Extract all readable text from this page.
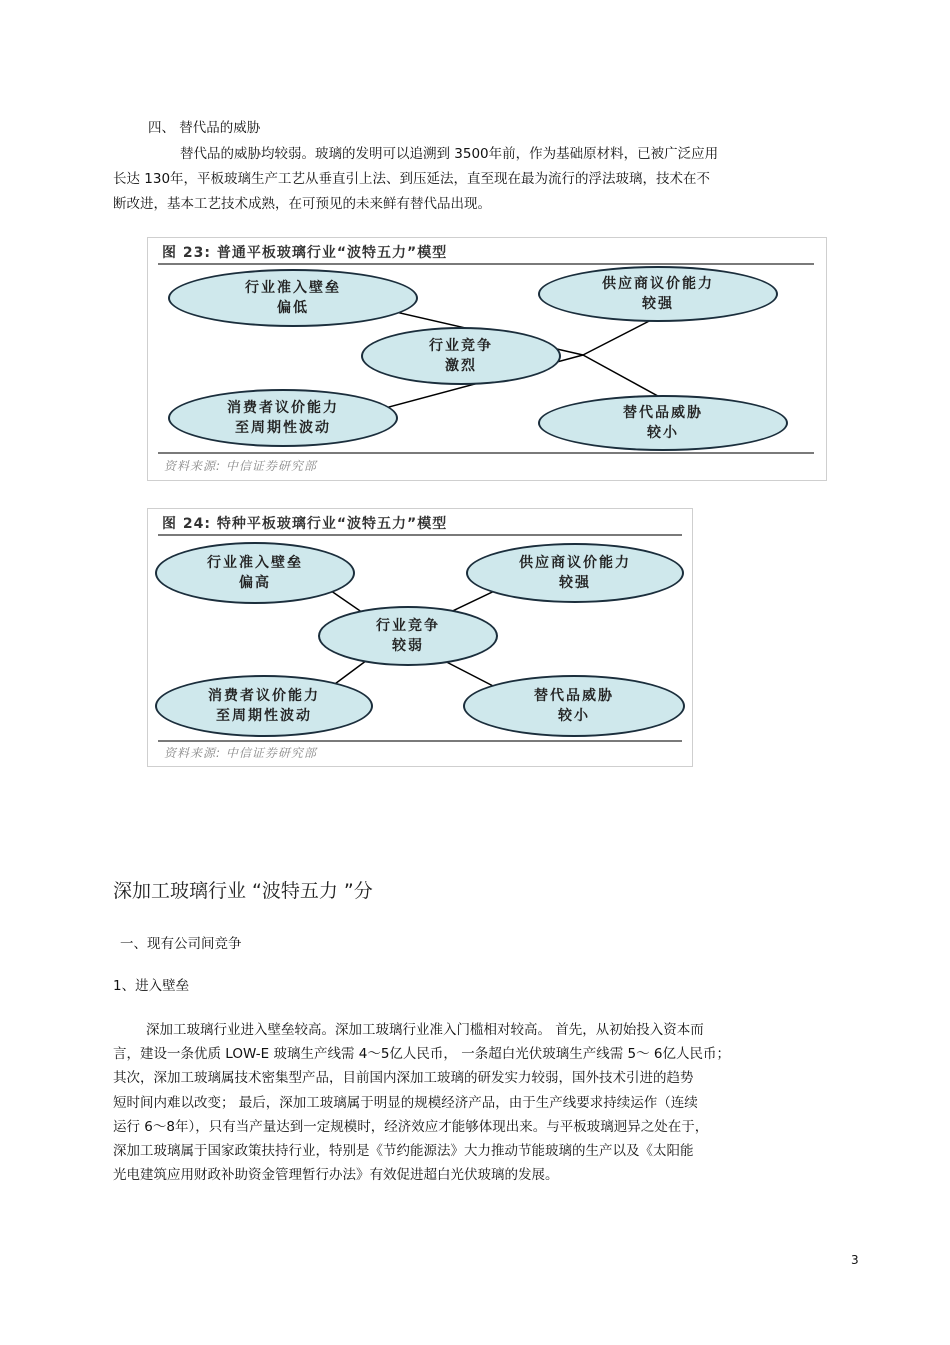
四、 替代品的威胁
替代品的威胁均较弱。玻璃的发明可以追溯到 3500年前，作为基础原材料，已被广泛应用
长达 130年，平板玻璃生产工艺从垂直引上法、到压延法，直至现在最为流行的浮法玻璃，技术在不
断改进，基本工艺技术成熟，在可预见的未来鲜有替代品出现。
图 23: 普通平板玻璃行业“波特五力”模型
行业准入壁垒
偏低
供应商议价能力
较强
行业竞争
激烈
消费者议价能力
至周期性波动
替代品威胁
较小
资料来源: 中信证券研究部
图 24: 特种平板玻璃行业“波特五力”模型
行业准入壁垒
偏高
供应商议价能力
较强
行业竞争
较弱
消费者议价能力
至周期性波动
替代品威胁
较小
资料来源: 中信证券研究部
深加工玻璃行业 “波特五力 ”分
一、现有公司间竞争
1、进入壁垒
深加工玻璃行业进入壁垒较高。深加工玻璃行业准入门槛相对较高。 首先，从初始投入资本而
言，建设一条优质 LOW-E 玻璃生产线需 4～5亿人民币， 一条超白光伏玻璃生产线需 5～ 6亿人民币；
其次，深加工玻璃属技术密集型产品，目前国内深加工玻璃的研发实力较弱，国外技术引进的趋势
短时间内难以改变； 最后，深加工玻璃属于明显的规模经济产品，由于生产线要求持续运作（连续
运行 6～8年），只有当产量达到一定规模时，经济效应才能够体现出来。与平板玻璃迥异之处在于，
深加工玻璃属于国家政策扶持行业，特别是《节约能源法》大力推动节能玻璃的生产以及《太阳能
光电建筑应用财政补助资金管理暂行办法》有效促进超白光伏玻璃的发展。
3
